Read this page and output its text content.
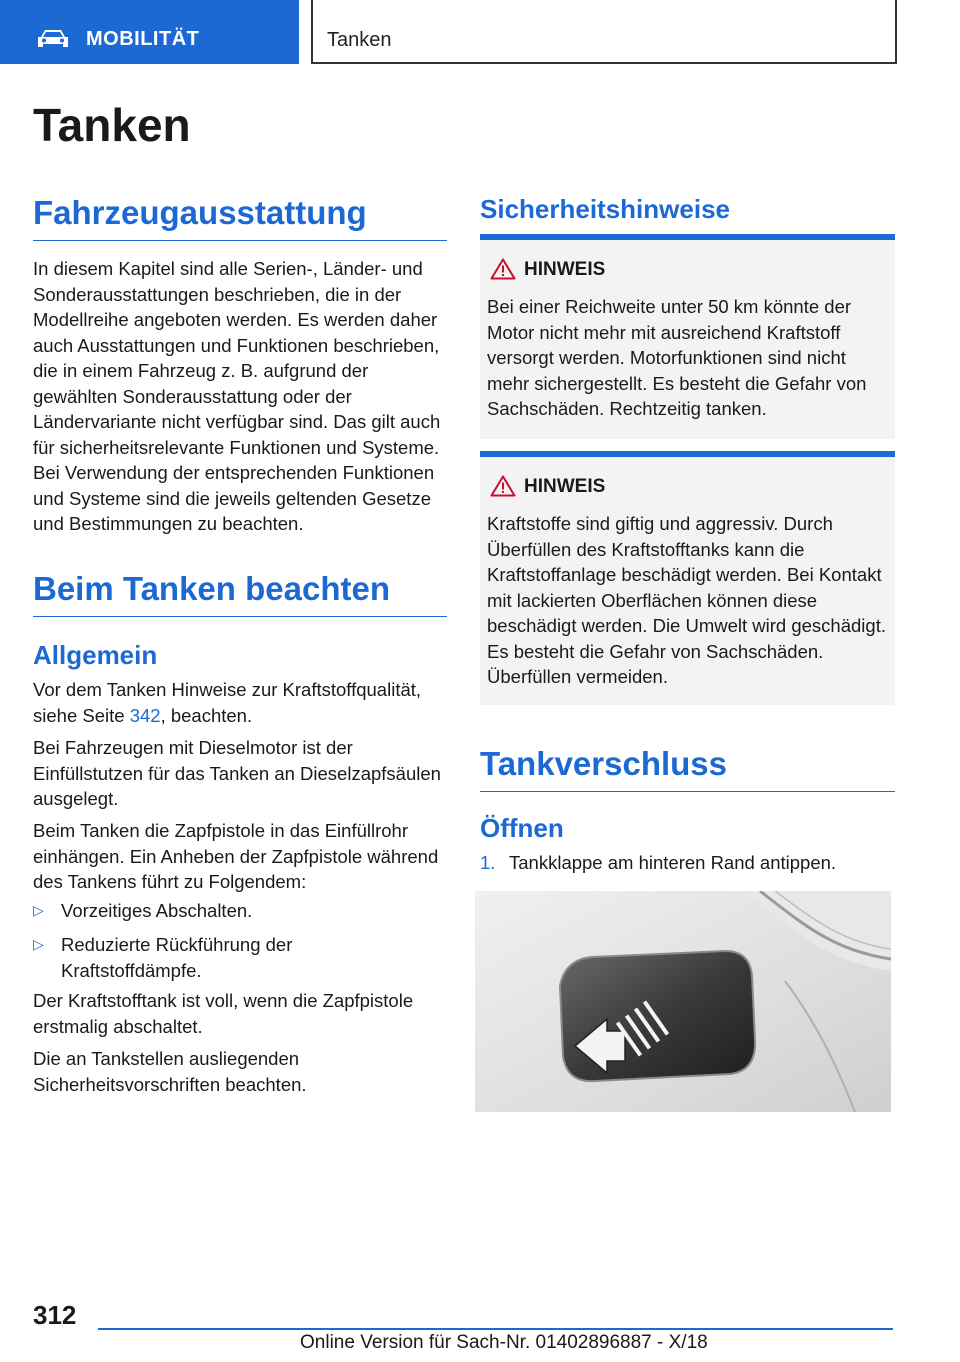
MOBILITÄT	Tanken
Tanken
Fahrzeugausstattung

In diesem Kapitel sind alle Serien-, Länder- und Sonderausstattungen beschrieben, die in der Modellreihe angeboten werden. Es werden daher auch Ausstattungen und Funktionen beschrieben, die in einem Fahrzeug z. B. aufgrund der gewählten Sonderausstattung oder der Ländervariante nicht verfügbar sind. Das gilt auch für sicherheitsrelevante Funktionen und Systeme. Bei Verwendung der entsprechenden Funktionen und Systeme sind die jeweils geltenden Gesetze und Bestimmungen zu beachten.

Beim Tanken beachten
Allgemein

Vor dem Tanken Hinweise zur Kraftstoffqualität, siehe Seite 342, beachten.

Bei Fahrzeugen mit Dieselmotor ist der Einfüllstutzen für das Tanken an Dieselzapfsäulen ausgelegt.

Beim Tanken die Zapfpistole in das Einfüllrohr einhängen. Ein Anheben der Zapfpistole während des Tankens führt zu Folgendem:

▷ Vorzeitiges Abschalten.
▷ Reduzierte Rückführung der Kraftstoffdämpfe.

Der Kraftstofftank ist voll, wenn die Zapfpistole erstmalig abschaltet.

Die an Tankstellen ausliegenden Sicherheitsvorschriften beachten.

Sicherheitshinweise
HINWEIS
Bei einer Reichweite unter 50 km könnte der Motor nicht mehr mit ausreichend Kraftstoff versorgt werden. Motorfunktionen sind nicht mehr sichergestellt. Es besteht die Gefahr von Sachschäden. Rechtzeitig tanken.
HINWEIS
Kraftstoffe sind giftig und aggressiv. Durch Überfüllen des Kraftstofftanks kann die Kraftstoffanlage beschädigt werden. Bei Kontakt mit lackierten Oberflächen können diese beschädigt werden. Die Umwelt wird geschädigt. Es besteht die Gefahr von Sachschäden. Überfüllen vermeiden.
Tankverschluss
Öffnen
1. Tankklappe am hinteren Rand antippen.
312
Online Version für Sach-Nr. 01402896887 - X/18
